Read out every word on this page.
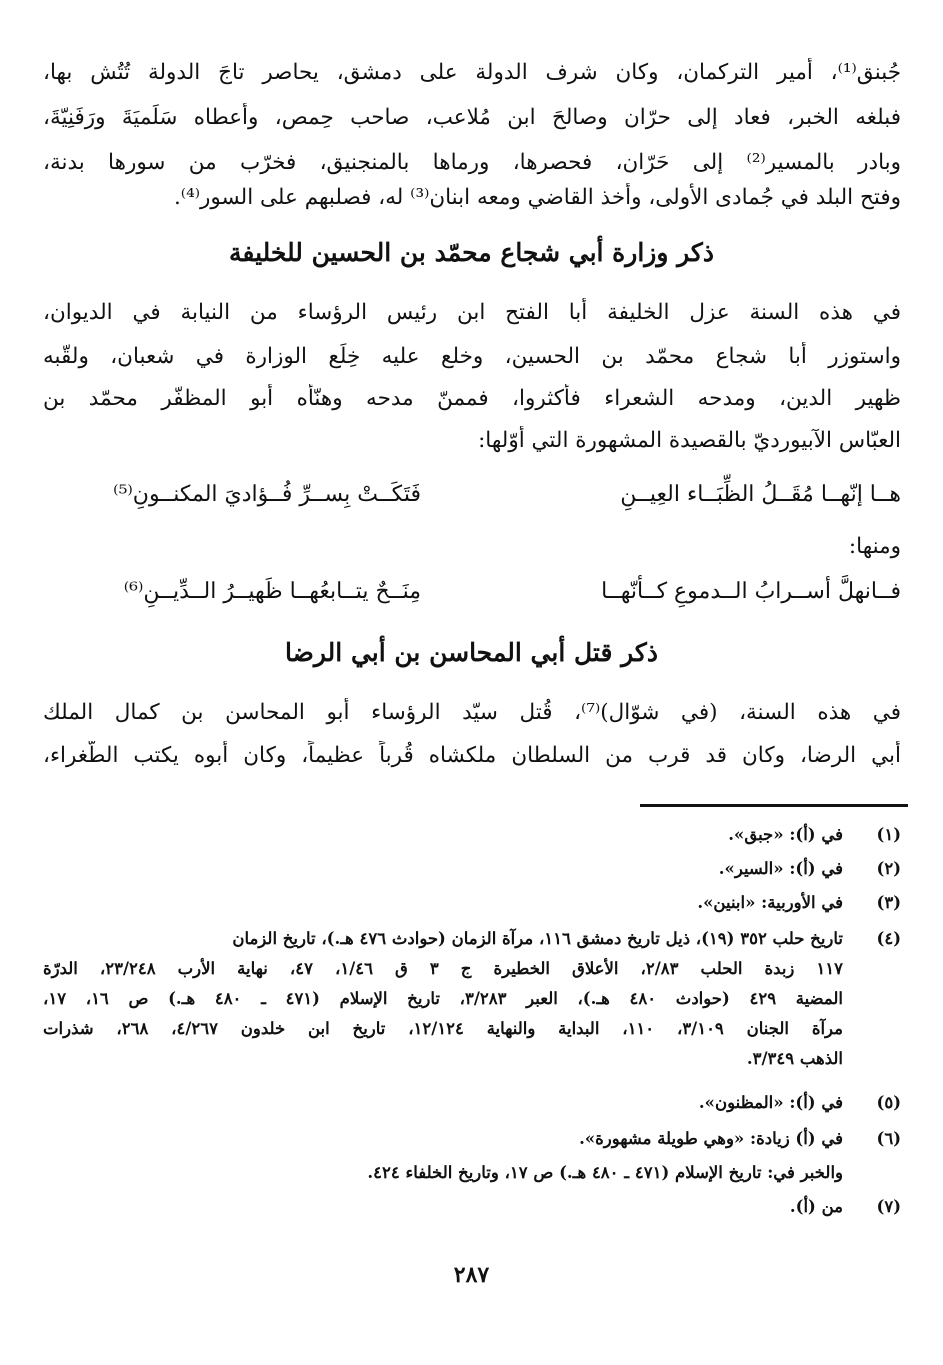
جُبنق⁽¹⁾، أمير التركمان، وكان شرف الدولة على دمشق، يحاصر تاجَ الدولة تُتُش بها،
فبلغه الخبر، فعاد إلى حرّان وصالحَ ابن مُلاعب، صاحب حِمص، وأعطاه سَلَميَةَ ورَفَنِيّةَ،
وبادر بالمسير⁽²⁾ إلى حَرّان، فحصرها، ورماها بالمنجنيق، فخرّب من سورها بدنة،
وفتح البلد في جُمادى الأولى، وأخذ القاضي ومعه ابنان⁽³⁾ له، فصلبهم على السور⁽⁴⁾.
ذكر وزارة أبي شجاع محمّد بن الحسين للخليفة
في هذه السنة عزل الخليفة أبا الفتح ابن رئيس الرؤساء من النيابة في الديوان،
واستوزر أبا شجاع محمّد بن الحسين، وخلع عليه خِلَع الوزارة في شعبان، ولقّبه
ظهير الدين، ومدحه الشعراء فأكثروا، فممنّ مدحه وهنّأه أبو المظفّر محمّد بن
العبّاس الآبيورديّ بالقصيدة المشهورة التي أوّلها:
هــا إنّهــا مُقَــلُ الظِّبَــاء العِيــنِ
فَتَكَــتْ بِســرِّ فُــؤاديَ المكنــونِ⁽⁵⁾
ومنها:
فــانهلَّ أســرابُ الــدموعِ كــأنّهــا
مِنَــحٌ يتــابعُهــا ظَهيــرُ الــدِّيــنِ⁽⁶⁾
ذكر قتل أبي المحاسن بن أبي الرضا
في هذه السنة، (في شوّال)⁽⁷⁾، قُتل سيّد الرؤساء أبو المحاسن بن كمال الملك
أبي الرضا، وكان قد قرب من السلطان ملكشاه قُرباً عظيماً، وكان أبوه يكتب الطُّغراء،
(١)
في (أ): «جبق».
(٢)
في (أ): «السير».
(٣)
في الأوربية: «ابنين».
(٤)
تاريخ حلب ٣٥٢ (١٩)، ذيل تاريخ دمشق ١١٦، مرآة الزمان (حوادث ٤٧٦ هـ.)، تاريخ الزمان
١١٧ زبدة الحلب ٢/٨٣، الأعلاق الخطيرة ج ٣ ق ١/٤٦، ٤٧، نهاية الأرب ٢٣/٢٤٨، الدرّة
المضية ٤٢٩ (حوادث ٤٨٠ هـ.)، العبر ٣/٢٨٣، تاريخ الإسلام (٤٧١ ـ ٤٨٠ هـ.) ص ١٦، ١٧،
مرآة الجنان ٣/١٠٩، ١١٠، البداية والنهاية ١٢/١٢٤، تاريخ ابن خلدون ٤/٢٦٧، ٢٦٨، شذرات
الذهب ٣/٣٤٩.
(٥)
في (أ): «المظنون».
(٦)
في (أ) زيادة: «وهي طويلة مشهورة».
والخبر في: تاريخ الإسلام (٤٧١ ـ ٤٨٠ هـ.) ص ١٧، وتاريخ الخلفاء ٤٢٤.
(٧)
من (أ).
٢٨٧
